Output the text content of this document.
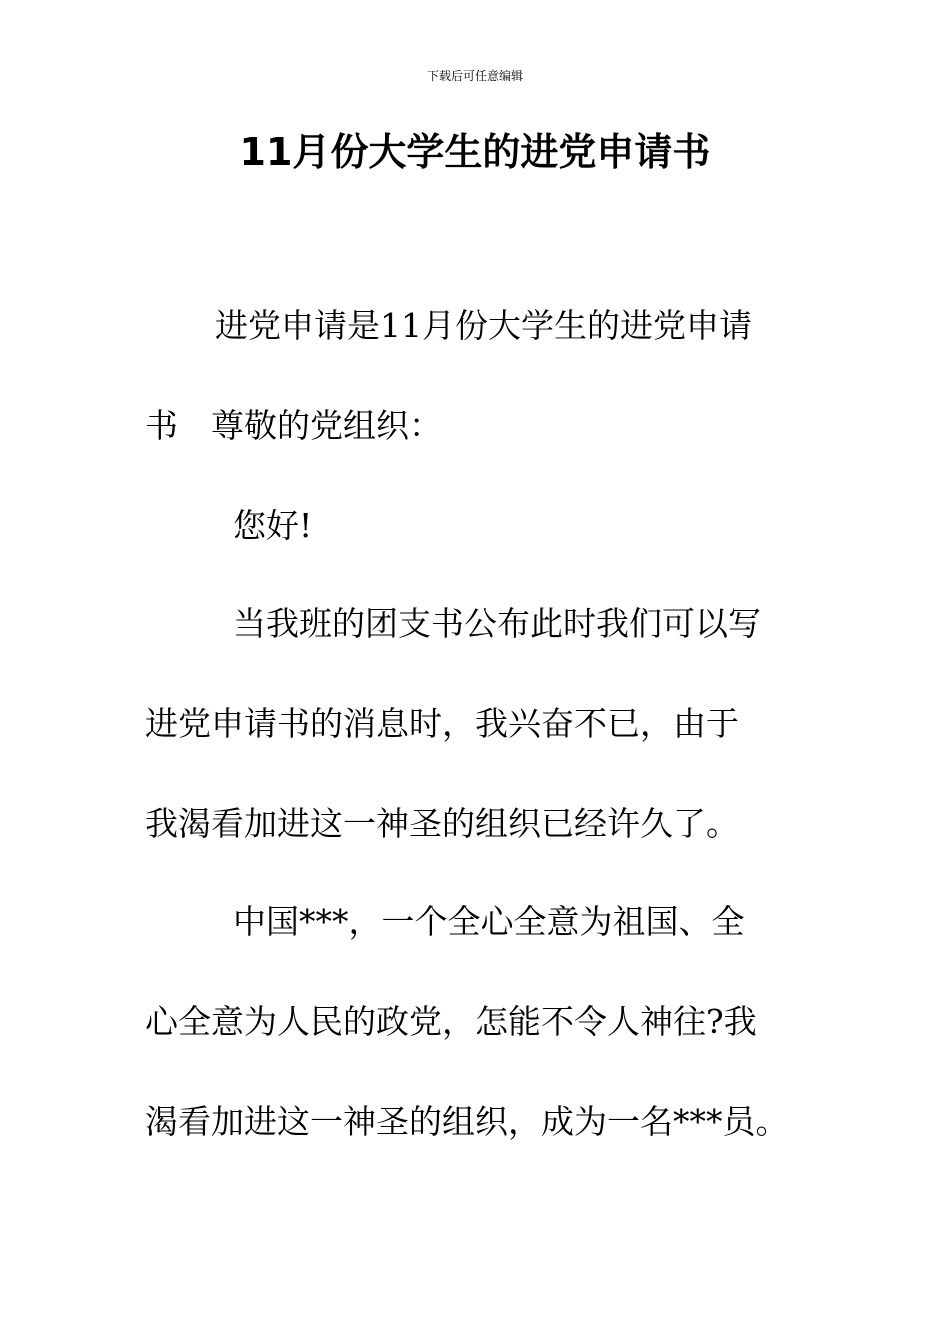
下载后可任意编辑
11月份大学生的进党申请书
进党申请是11月份大学生的进党申请
书　尊敬的党组织：
您好!
当我班的团支书公布此时我们可以写
进党申请书的消息时，我兴奋不已，由于
我渴看加进这一神圣的组织已经许久了。
中国***，一个全心全意为祖国、全
心全意为人民的政党，怎能不令人神往?我
渴看加进这一神圣的组织，成为一名***员。
